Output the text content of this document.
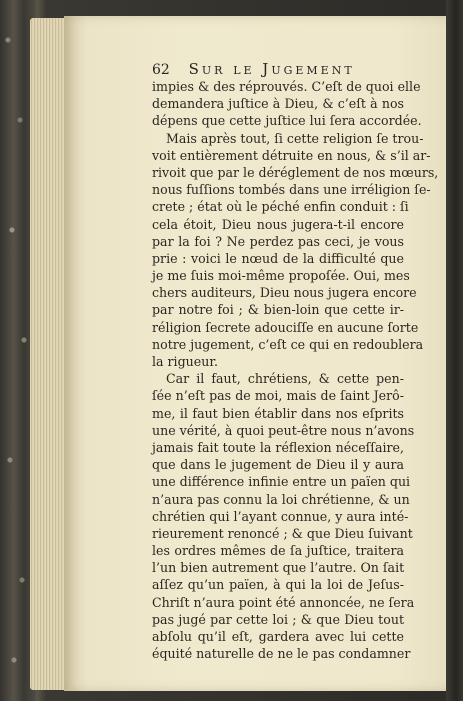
62 Sur le Jugement
impies & des réprouvés. C’eſt de quoi elle
demandera juſtice à Dieu, & c’eſt à nos
dépens que cette juſtice lui ſera accordée.
Mais après tout, ſi cette religion ſe trou-
voit entièrement détruite en nous, & s’il ar-
rivoit que par le déréglement de nos mœurs,
nous fuſſions tombés dans une irréligion ſe-
crete ; état où le péché enfin conduit : ſi
cela étoit, Dieu nous jugera-t-il encore
par la foi ? Ne perdez pas ceci, je vous
prie : voici le nœud de la difficulté que
je me ſuis moi-même propoſée. Oui, mes
chers auditeurs, Dieu nous jugera encore
par notre foi ; & bien-loin que cette ir-
réligion ſecrete adouciſſe en aucune ſorte
notre jugement, c’eſt ce qui en redoublera
la rigueur.
Car il faut, chrétiens, & cette pen-
ſée n’eſt pas de moi, mais de ſaint Jerô-
me, il faut bien établir dans nos eſprits
une vérité, à quoi peut-être nous n’avons
jamais fait toute la réflexion néceſſaire,
que dans le jugement de Dieu il y aura
une différence infinie entre un païen qui
n’aura pas connu la loi chrétienne, & un
chrétien qui l’ayant connue, y aura inté-
rieurement renoncé ; & que Dieu ſuivant
les ordres mêmes de ſa juſtice, traitera
l’un bien autrement que l’autre. On ſait
aſſez qu’un païen, à qui la loi de Jeſus-
Chriſt n’aura point été annoncée, ne ſera
pas jugé par cette loi ; & que Dieu tout
abſolu qu’il eſt, gardera avec lui cette
équité naturelle de ne le pas condamner
